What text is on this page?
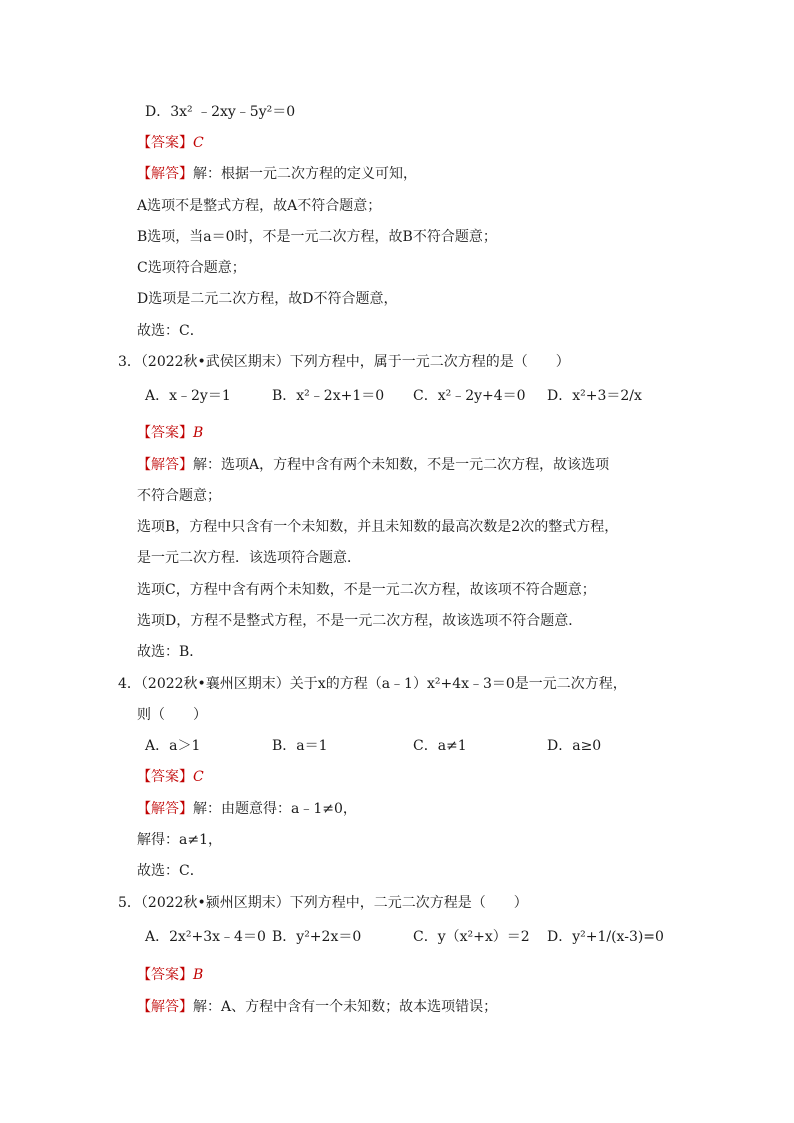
D．3x² ﹣2xy﹣5y²＝0
【答案】C
【解答】解：根据一元二次方程的定义可知，
A选项不是整式方程，故A不符合题意；
B选项，当a＝0时，不是一元二次方程，故B不符合题意；
C选项符合题意；
D选项是二元二次方程，故D不符合题意，
故选：C．
3．（2022秋•武侯区期末）下列方程中，属于一元二次方程的是（　　）
A．x﹣2y＝1	B．x²﹣2x+1＝0 C．x²﹣2y+4＝0 D．x²+3＝2/x
【答案】B
【解答】解：选项A，方程中含有两个未知数，不是一元二次方程，故该选项
不符合题意；
选项B，方程中只含有一个未知数，并且未知数的最高次数是2次的整式方程，
是一元二次方程．该选项符合题意．
选项C，方程中含有两个未知数，不是一元二次方程，故该项不符合题意；
选项D，方程不是整式方程，不是一元二次方程，故该选项不符合题意．
故选：B．
4．（2022秋•襄州区期末）关于x的方程（a﹣1）x²+4x﹣3＝0是一元二次方程，
则（　　）
A．a＞1	B．a＝1	C．a≠1	D．a≥0
【答案】C
【解答】解：由题意得：a﹣1≠0，
解得：a≠1，
故选：C．
5．（2022秋•颍州区期末）下列方程中，二元二次方程是（　　）
A．2x²+3x﹣4＝0 B．y²+2x＝0	C．y（x²+x）＝2 D．y²+1/(x-3)=0
【答案】B
【解答】解：A、方程中含有一个未知数；故本选项错误；
